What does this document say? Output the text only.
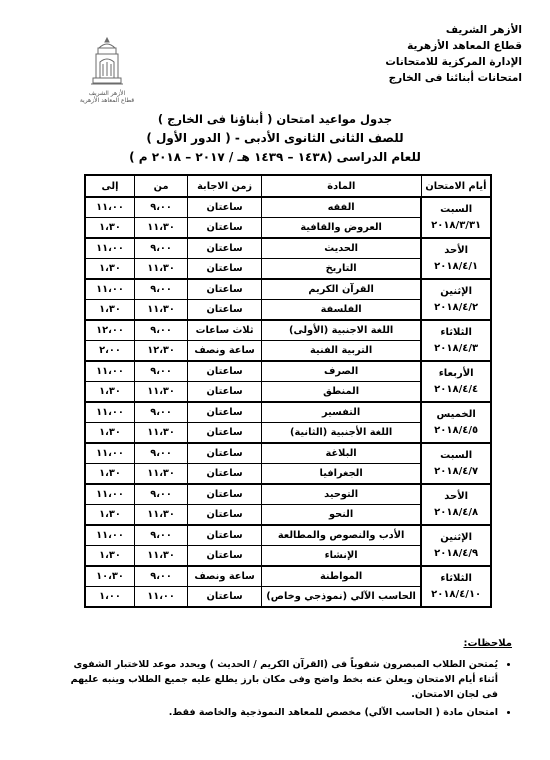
الأزهر الشريف
قطاع المعاهد الأزهرية
الإدارة المركزية للامتحانات
امتحانات أبنائنا فى الخارج
الأزهر الشريف
قطاع المعاهد الأزهرية
جدول مواعيد امتحان ( أبناؤنا فى الخارج )
للصف الثانى الثانوى الأدبى - ( الدور الأول )
للعام الدراسى (١٤٣٨ – ١٤٣٩ هـ / ٢٠١٧ – ٢٠١٨ م )
أيام الامتحان	المادة	زمن الاجابة	من	إلى

السبت
٢٠١٨/٣/٣١	الفقه	ساعتان	٩،٠٠	١١،٠٠
	العروض والقافية	ساعتان	١١،٣٠	١،٣٠

الأحد
٢٠١٨/٤/١	الحديث	ساعتان	٩،٠٠	١١،٠٠
	التاريخ	ساعتان	١١،٣٠	١،٣٠

الإثنين
٢٠١٨/٤/٢	القرآن الكريم	ساعتان	٩،٠٠	١١،٠٠
	الفلسفة	ساعتان	١١،٣٠	١،٣٠

الثلاثاء
٢٠١٨/٤/٣	اللغة الاجنبية (الأولى)	ثلاث ساعات	٩،٠٠	١٢،٠٠
	التربية الفنية	ساعة ونصف	١٢،٣٠	٢،٠٠

الأربعاء
٢٠١٨/٤/٤	الصرف	ساعتان	٩،٠٠	١١،٠٠
	المنطق	ساعتان	١١،٣٠	١،٣٠

الخميس
٢٠١٨/٤/٥	التفسير	ساعتان	٩،٠٠	١١،٠٠
	اللغة الأجنبية (الثانية)	ساعتان	١١،٣٠	١،٣٠

السبت
٢٠١٨/٤/٧	البلاغة	ساعتان	٩،٠٠	١١،٠٠
	الجغرافيا	ساعتان	١١،٣٠	١،٣٠

الأحد
٢٠١٨/٤/٨	التوحيد	ساعتان	٩،٠٠	١١،٠٠
	النحو	ساعتان	١١،٣٠	١،٣٠

الإثنين
٢٠١٨/٤/٩	الأدب والنصوص والمطالعة	ساعتان	٩،٠٠	١١،٠٠
	الإنشاء	ساعتان	١١،٣٠	١،٣٠

الثلاثاء
٢٠١٨/٤/١٠	المواطنة	ساعة ونصف	٩،٠٠	١٠،٣٠
	الحاسب الآلي (نموذجي وخاص)	ساعتان	١١،٠٠	١،٠٠
ملاحظات:
• يُمتحن الطلاب المبصرون شفوياً فى (القرآن الكريم / الحديث ) ويحدد موعد للاختبار الشفوى أثناء أيام الامتحان ويعلن عنه بخط واضح وفى مكان بارز يطلع عليه جميع الطلاب وينبه عليهم فى لجان الامتحان.
• امتحان مادة ( الحاسب الآلي) مخصص للمعاهد النموذجية والخاصة فقط.
